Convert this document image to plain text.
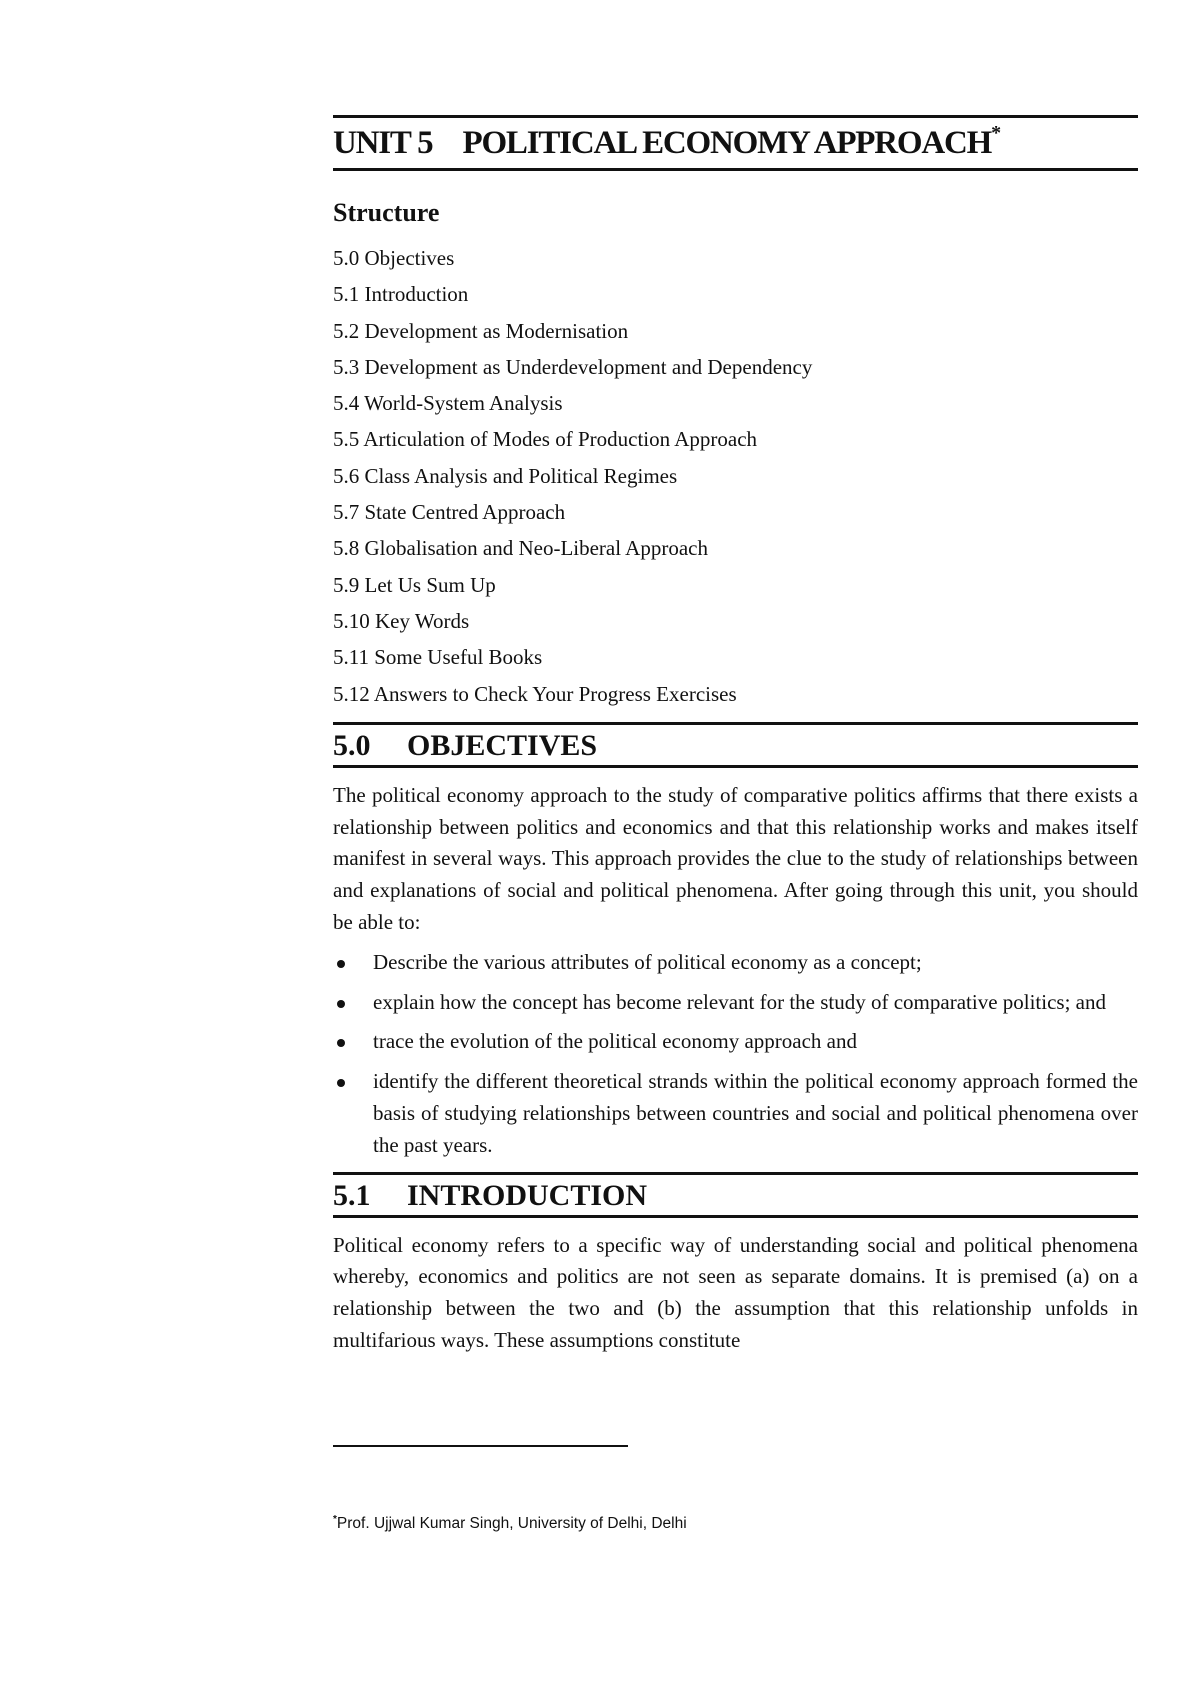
UNIT 5 POLITICAL ECONOMY APPROACH*
Structure
5.0 Objectives
5.1 Introduction
5.2 Development as Modernisation
5.3 Development as Underdevelopment and Dependency
5.4 World-System Analysis
5.5 Articulation of Modes of Production Approach
5.6 Class Analysis and Political Regimes
5.7 State Centred Approach
5.8 Globalisation and Neo-Liberal Approach
5.9 Let Us Sum Up
5.10 Key Words
5.11 Some Useful Books
5.12 Answers to Check Your Progress Exercises
5.0 OBJECTIVES

The political economy approach to the study of comparative politics affirms that there exists a relationship between politics and economics and that this relationship works and makes itself manifest in several ways. This approach provides the clue to the study of relationships between and explanations of social and political phenomena. After going through this unit, you should be able to:

Describe the various attributes of political economy as a concept;
explain how the concept has become relevant for the study of comparative politics; and
trace the evolution of the political economy approach and
identify the different theoretical strands within the political economy approach formed the basis of studying relationships between countries and social and political phenomena over the past years.
5.1 INTRODUCTION

Political economy refers to a specific way of understanding social and political phenomena whereby, economics and politics are not seen as separate domains. It is premised (a) on a relationship between the two and (b) the assumption that this relationship unfolds in multifarious ways. These assumptions constitute

*Prof. Ujjwal Kumar Singh, University of Delhi, Delhi
